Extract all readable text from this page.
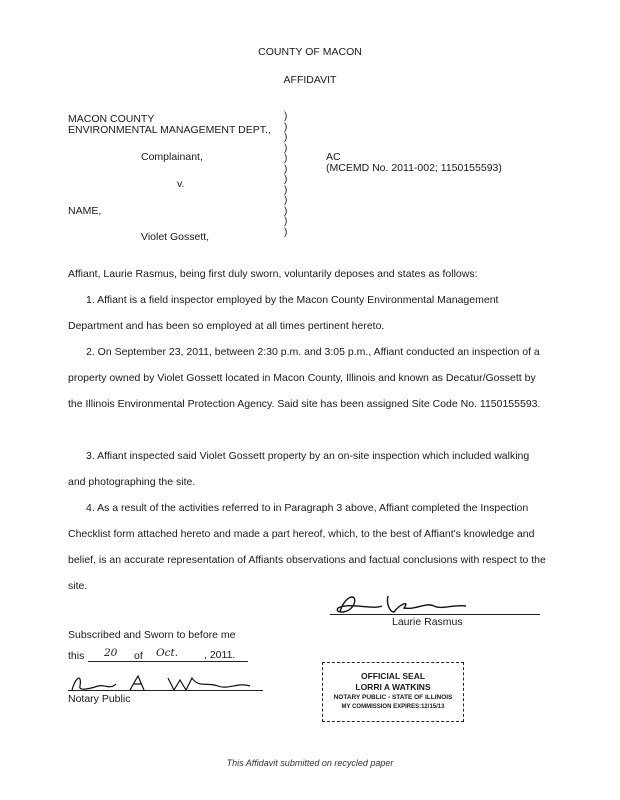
COUNTY OF MACON
AFFIDAVIT
MACON COUNTY
ENVIRONMENTAL MANAGEMENT DEPT.,
Complainant,
v.
NAME,
Violet Gossett,
)
)
)
)
)
)
)
)
)
)
)
)
AC
(MCEMD No. 2011-002; 1150155593)
Affiant, Laurie Rasmus, being first duly sworn, voluntarily deposes and states as follows:
1. Affiant is a field inspector employed by the Macon County Environmental Management Department and has been so employed at all times pertinent hereto.
2. On September 23, 2011, between 2:30 p.m. and 3:05 p.m., Affiant conducted an inspection of a property owned by Violet Gossett located in Macon County, Illinois and known as Decatur/Gossett by the Illinois Environmental Protection Agency. Said site has been assigned Site Code No. 1150155593.
3. Affiant inspected said Violet Gossett property by an on-site inspection which included walking and photographing the site.
4. As a result of the activities referred to in Paragraph 3 above, Affiant completed the Inspection Checklist form attached hereto and made a part hereof, which, to the best of Affiant's knowledge and belief, is an accurate representation of Affiants observations and factual conclusions with respect to the site.
Laurie Rasmus
Subscribed and Sworn to before me
this 20 of Oct. , 2011.
Notary Public
OFFICIAL SEAL
LORRI A WATKINS
NOTARY PUBLIC - STATE OF ILLINOIS
MY COMMISSION EXPIRES:12/15/13
This Affidavit submitted on recycled paper
